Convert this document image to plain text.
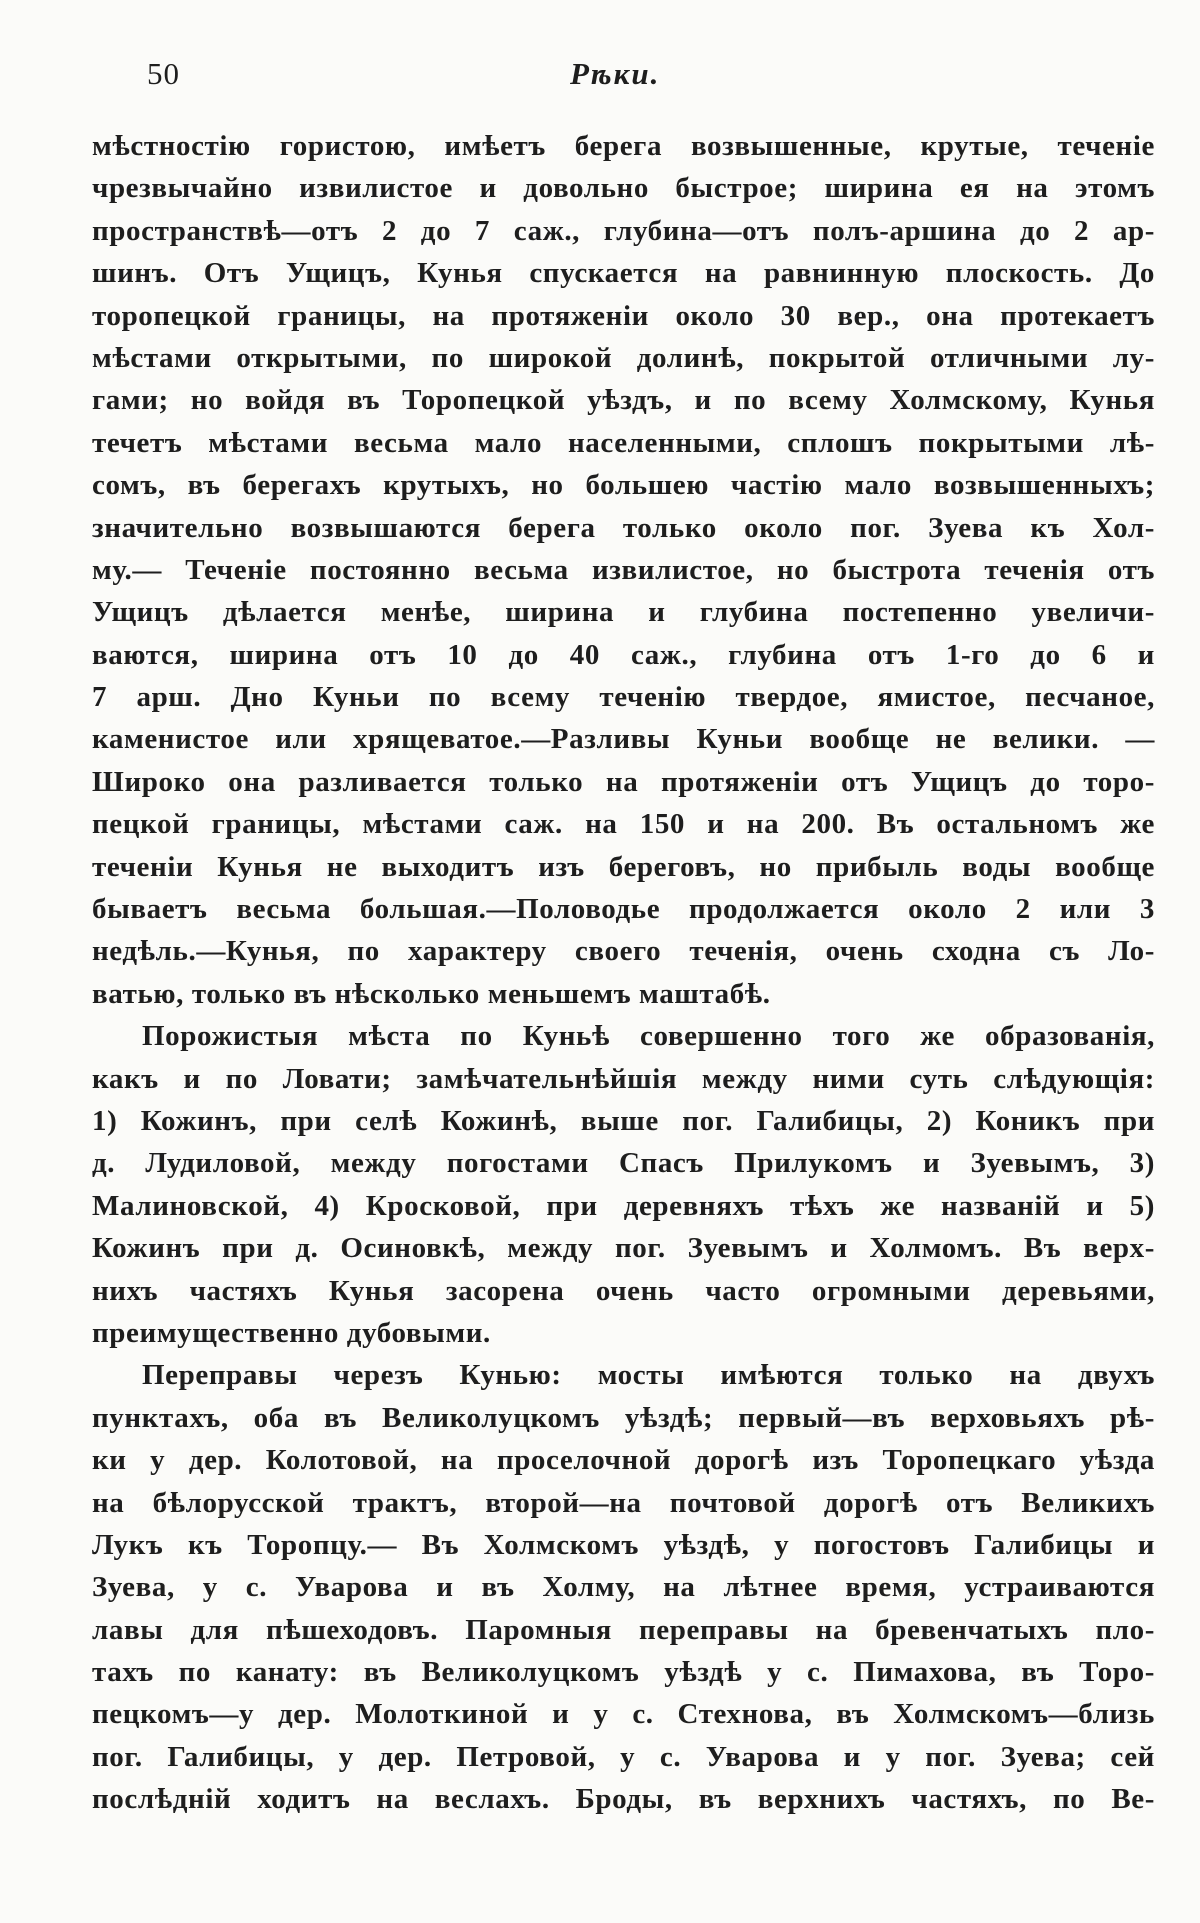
50	Рѣки.
мѣстностію гористою, имѣетъ берега возвышенные, крутые, теченіе
чрезвычайно извилистое и довольно быстрое; ширина ея на этомъ
пространствѣ—отъ 2 до 7 саж., глубина—отъ полъ-аршина до 2 ар-
шинъ. Отъ Ущицъ, Кунья спускается на равнинную плоскость. До
торопецкой границы, на протяженіи около 30 вер., она протекаетъ
мѣстами открытыми, по широкой долинѣ, покрытой отличными лу-
гами; но войдя въ Торопецкой уѣздъ, и по всему Холмскому, Кунья
течетъ мѣстами весьма мало населенными, сплошъ покрытыми лѣ-
сомъ, въ берегахъ крутыхъ, но большею частію мало возвышенныхъ;
значительно возвышаются берега только около пог. Зуева къ Хол-
му.— Теченіе постоянно весьма извилистое, но быстрота теченія отъ
Ущицъ дѣлается менѣе, ширина и глубина постепенно увеличи-
ваются, ширина отъ 10 до 40 саж., глубина отъ 1-го до 6 и
7 арш. Дно Куньи по всему теченію твердое, ямистое, песчаное,
каменистое или хрящеватое.—Разливы Куньи вообще не велики. —
Широко она разливается только на протяженіи отъ Ущицъ до торо-
пецкой границы, мѣстами саж. на 150 и на 200. Въ остальномъ же
теченіи Кунья не выходитъ изъ береговъ, но прибыль воды вообще
бываетъ весьма большая.—Половодье продолжается около 2 или 3
недѣль.—Кунья, по характеру своего теченія, очень сходна съ Ло-
ватью, только въ нѣсколько меньшемъ маштабѣ.
Порожистыя мѣста по Куньѣ совершенно того же образованія,
какъ и по Ловати; замѣчательнѣйшія между ними суть слѣдующія:
1) Кожинъ, при селѣ Кожинѣ, выше пог. Галибицы, 2) Коникъ при
д. Лудиловой, между погостами Спасъ Прилукомъ и Зуевымъ, 3)
Малиновской, 4) Кросковой, при деревняхъ тѣхъ же названій и 5)
Кожинъ при д. Осиновкѣ, между пог. Зуевымъ и Холмомъ. Въ верх-
нихъ частяхъ Кунья засорена очень часто огромными деревьями,
преимущественно дубовыми.
Переправы черезъ Кунью: мосты имѣются только на двухъ
пунктахъ, оба въ Великолуцкомъ уѣздѣ; первый—въ верховьяхъ рѣ-
ки у дер. Колотовой, на проселочной дорогѣ изъ Торопецкаго уѣзда
на бѣлорусской трактъ, второй—на почтовой дорогѣ отъ Великихъ
Лукъ къ Торопцу.— Въ Холмскомъ уѣздѣ, у погостовъ Галибицы и
Зуева, у с. Уварова и въ Холму, на лѣтнее время, устраиваются
лавы для пѣшеходовъ. Паромныя переправы на бревенчатыхъ пло-
тахъ по канату: въ Великолуцкомъ уѣздѣ у с. Пимахова, въ Торо-
пецкомъ—у дер. Молоткиной и у с. Стехнова, въ Холмскомъ—близь
пог. Галибицы, у дер. Петровой, у с. Уварова и у пог. Зуева; сей
послѣдній ходитъ на веслахъ. Броды, въ верхнихъ частяхъ, по Ве-
